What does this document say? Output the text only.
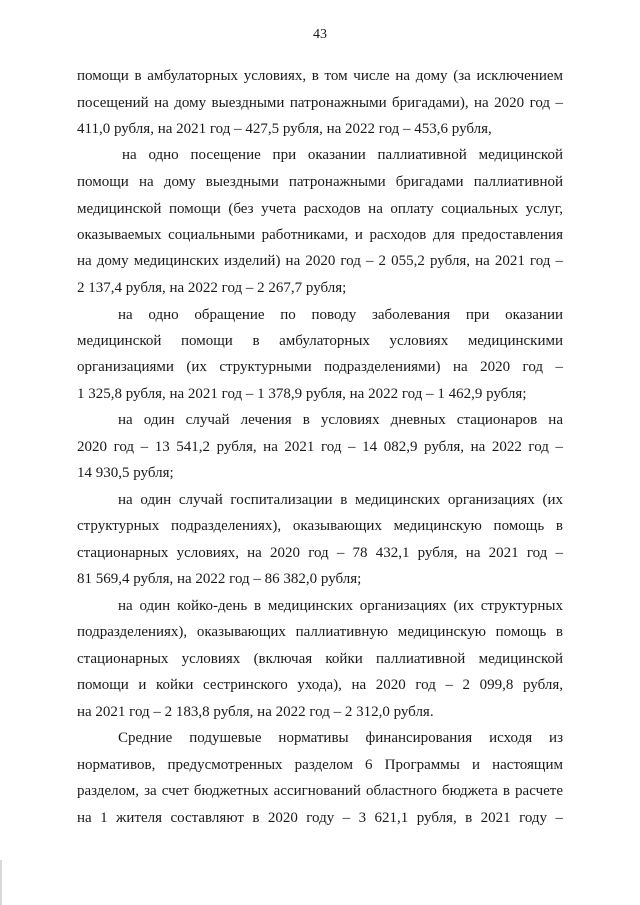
43
помощи в амбулаторных условиях, в том числе на дому (за исключением
посещений на дому выездными патронажными бригадами), на 2020 год –
411,0 рубля, на 2021 год – 427,5 рубля, на 2022 год – 453,6 рубля,
на одно посещение при оказании паллиативной медицинской
помощи на дому выездными патронажными бригадами паллиативной
медицинской помощи (без учета расходов на оплату социальных услуг,
оказываемых социальными работниками, и расходов для предоставления
на дому медицинских изделий) на 2020 год – 2 055,2 рубля, на 2021 год –
2 137,4 рубля, на 2022 год – 2 267,7 рубля;
на одно обращение по поводу заболевания при оказании
медицинской помощи в амбулаторных условиях медицинскими
организациями (их структурными подразделениями) на 2020 год –
1 325,8 рубля, на 2021 год – 1 378,9 рубля, на 2022 год – 1 462,9 рубля;
на один случай лечения в условиях дневных стационаров на
2020 год – 13 541,2 рубля, на 2021 год – 14 082,9 рубля, на 2022 год –
14 930,5 рубля;
на один случай госпитализации в медицинских организациях (их
структурных подразделениях), оказывающих медицинскую помощь в
стационарных условиях, на 2020 год – 78 432,1 рубля, на 2021 год –
81 569,4 рубля, на 2022 год – 86 382,0 рубля;
на один койко-день в медицинских организациях (их структурных
подразделениях), оказывающих паллиативную медицинскую помощь в
стационарных условиях (включая койки паллиативной медицинской
помощи и койки сестринского ухода), на 2020 год – 2 099,8 рубля,
на 2021 год – 2 183,8 рубля, на 2022 год – 2 312,0 рубля.
Средние подушевые нормативы финансирования исходя из
нормативов, предусмотренных разделом 6 Программы и настоящим
разделом, за счет бюджетных ассигнований областного бюджета в расчете
на 1 жителя составляют в 2020 году – 3 621,1 рубля, в 2021 году –
